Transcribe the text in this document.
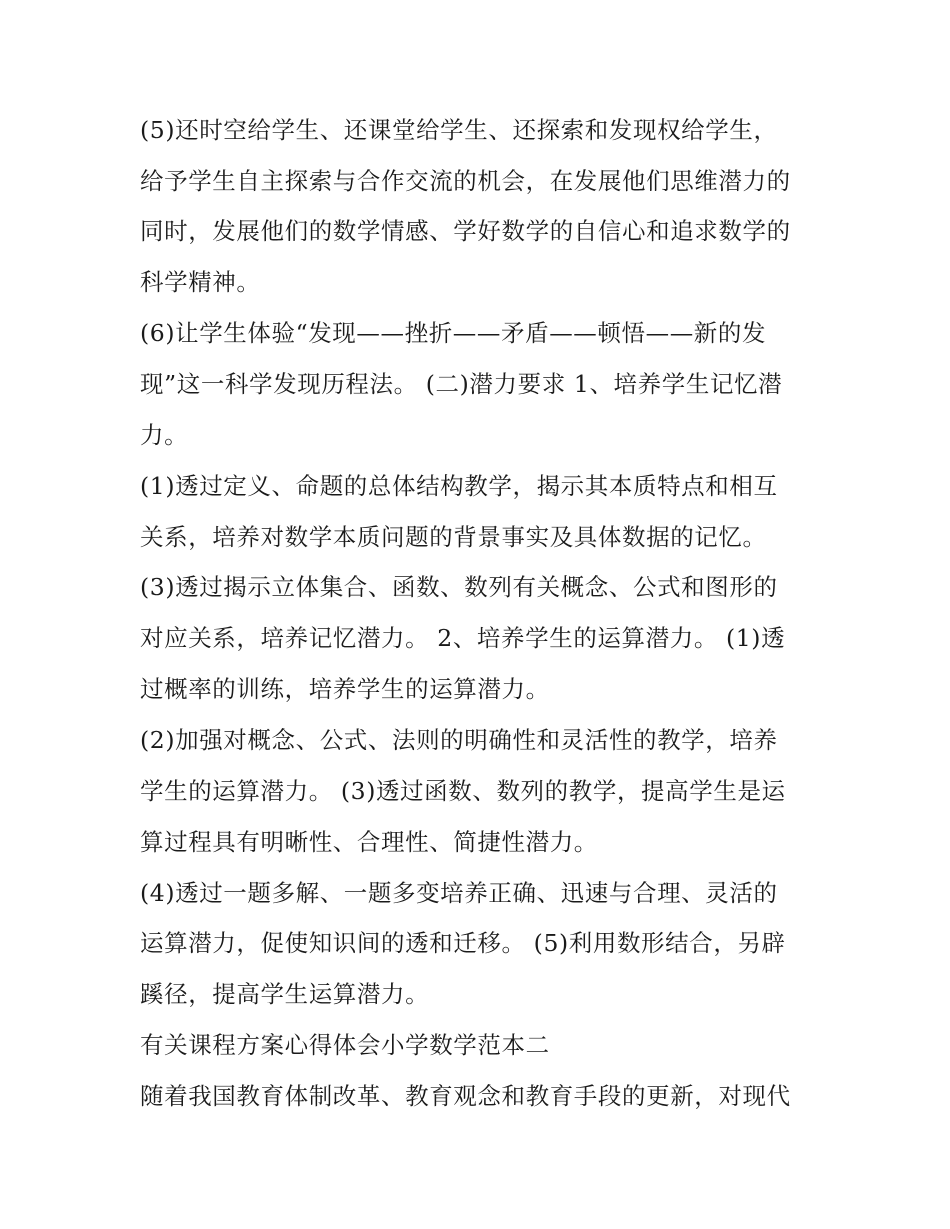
(5)还时空给学生、还课堂给学生、还探索和发现权给学生，
给予学生自主探索与合作交流的机会，在发展他们思维潜力的
同时，发展他们的数学情感、学好数学的自信心和追求数学的
科学精神。
(6)让学生体验“发现——挫折——矛盾——顿悟——新的发
现”这一科学发现历程法。 (二)潜力要求 1、培养学生记忆潜
力。
(1)透过定义、命题的总体结构教学，揭示其本质特点和相互
关系，培养对数学本质问题的背景事实及具体数据的记忆。
(3)透过揭示立体集合、函数、数列有关概念、公式和图形的
对应关系，培养记忆潜力。 2、培养学生的运算潜力。 (1)透
过概率的训练，培养学生的运算潜力。
(2)加强对概念、公式、法则的明确性和灵活性的教学，培养
学生的运算潜力。 (3)透过函数、数列的教学，提高学生是运
算过程具有明晰性、合理性、简捷性潜力。
(4)透过一题多解、一题多变培养正确、迅速与合理、灵活的
运算潜力，促使知识间的透和迁移。 (5)利用数形结合，另辟
蹊径，提高学生运算潜力。
有关课程方案心得体会小学数学范本二
随着我国教育体制改革、教育观念和教育手段的更新，对现代
